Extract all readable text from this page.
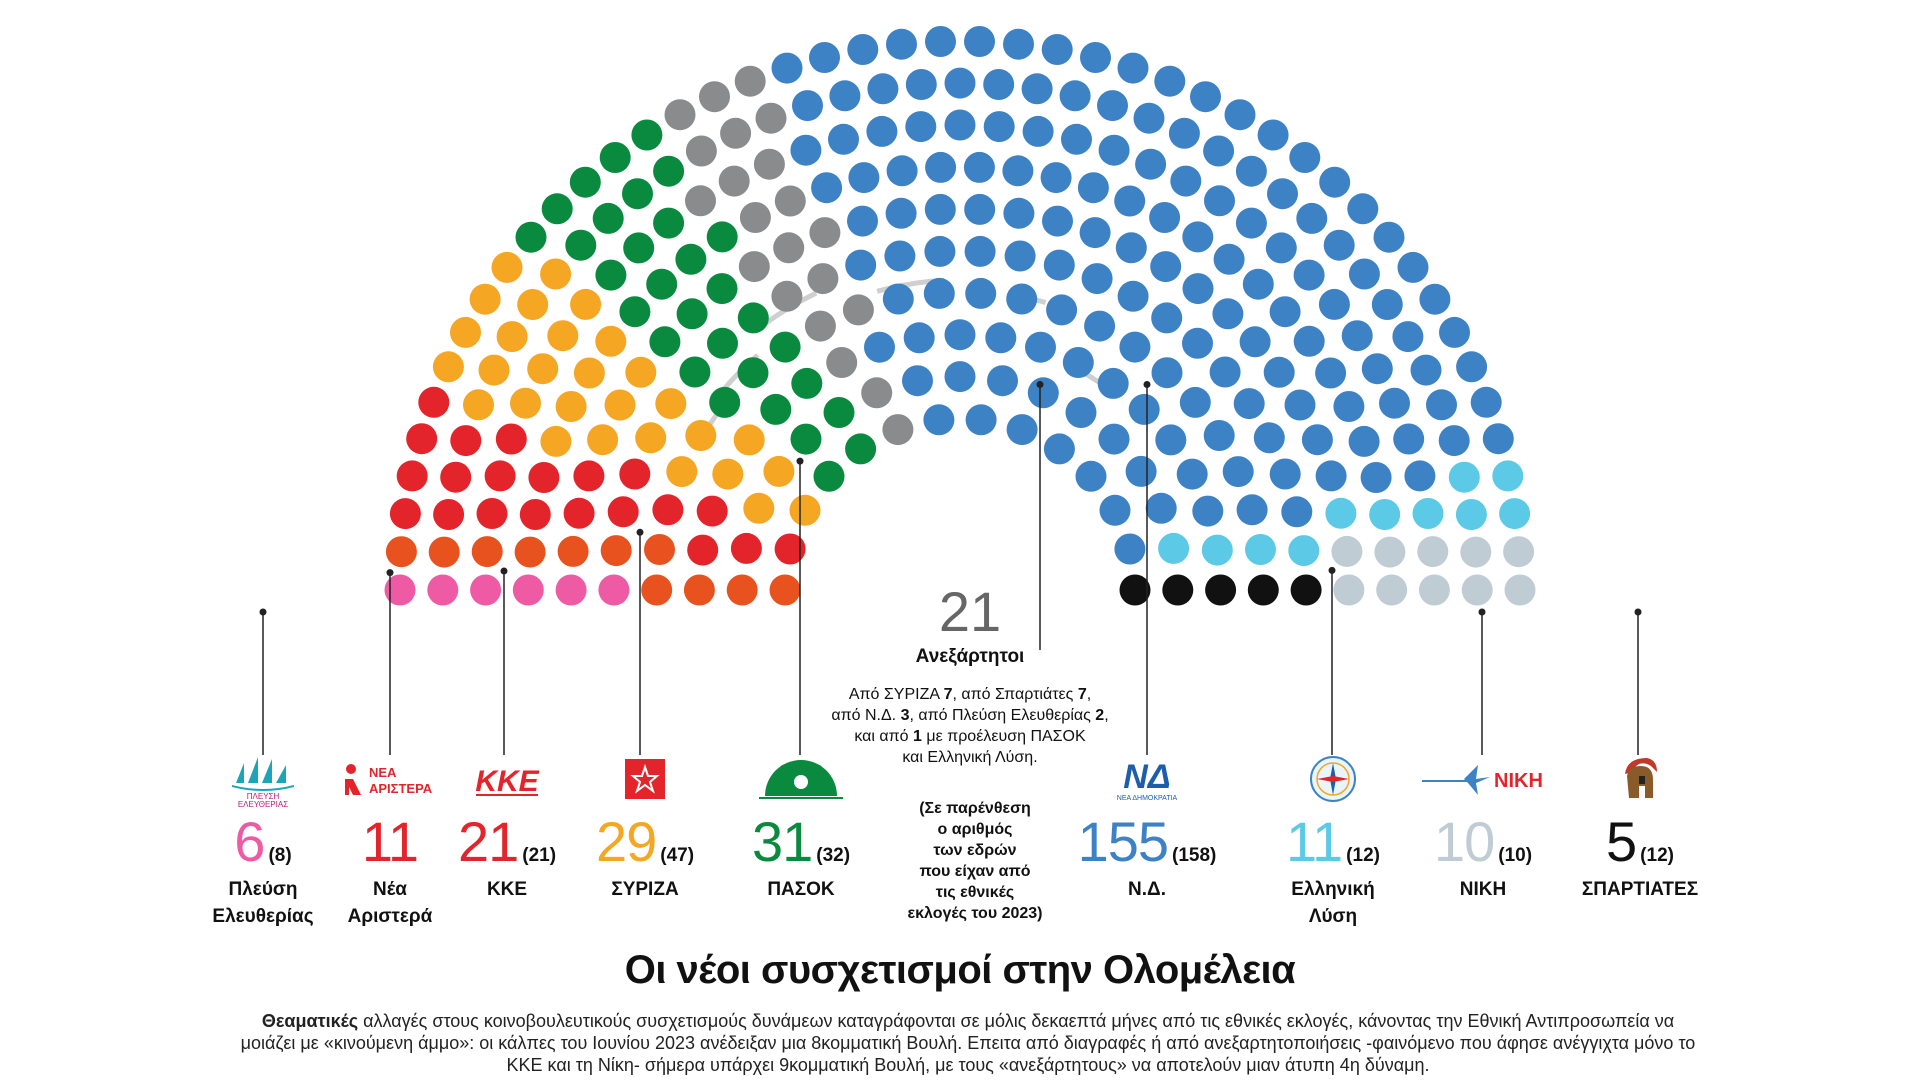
ΠΛΕΥΣΗ
ΕΛΕΥΘΕΡΙΑΣ
6 (8)
Πλεύση
Ελευθερίας
ΝΕΑ
ΑΡΙΣΤΕΡΑ
11
Νέα
Αριστερά
ΚΚΕ
21 (21)
ΚΚΕ
29 (47)
ΣΥΡΙΖΑ
31 (32)
ΠΑΣΟΚ
ΝΔ
ΝΕΑ ΔΗΜΟΚΡΑΤΙΑ
155 (158)
Ν.Δ.
11 (12)
Ελληνική
Λύση
ΝΙΚΗ
10 (10)
ΝΙΚΗ
5 (12)
ΣΠΑΡΤΙΑΤΕΣ
21
Ανεξάρτητοι
Από ΣΥΡΙΖΑ 7, από Σπαρτιάτες 7,
από Ν.Δ. 3, από Πλεύση Ελευθερίας 2,
και από 1 με προέλευση ΠΑΣΟΚ
και Ελληνική Λύση.
(Σε παρένθεση
ο αριθμός
των εδρών
που είχαν από
τις εθνικές
εκλογές του 2023)
Οι νέοι συσχετισμοί στην Ολομέλεια
Θεαματικές αλλαγές στους κοινοβουλευτικούς συσχετισμούς δυνάμεων καταγράφονται σε μόλις δεκαεπτά μήνες από τις εθνικές εκλογές, κάνοντας την Εθνική Αντιπροσωπεία να μοιάζει με «κινούμενη άμμο»: οι κάλπες του Ιουνίου 2023 ανέδειξαν μια 8κομματική Βουλή. Επειτα από διαγραφές ή από ανεξαρτητοποιήσεις -φαινόμενο που άφησε ανέγγιχτα μόνο το ΚΚΕ και τη Νίκη- σήμερα υπάρχει 9κομματική Βουλή, με τους «ανεξάρτητους» να αποτελούν μιαν άτυπη 4η δύναμη.
